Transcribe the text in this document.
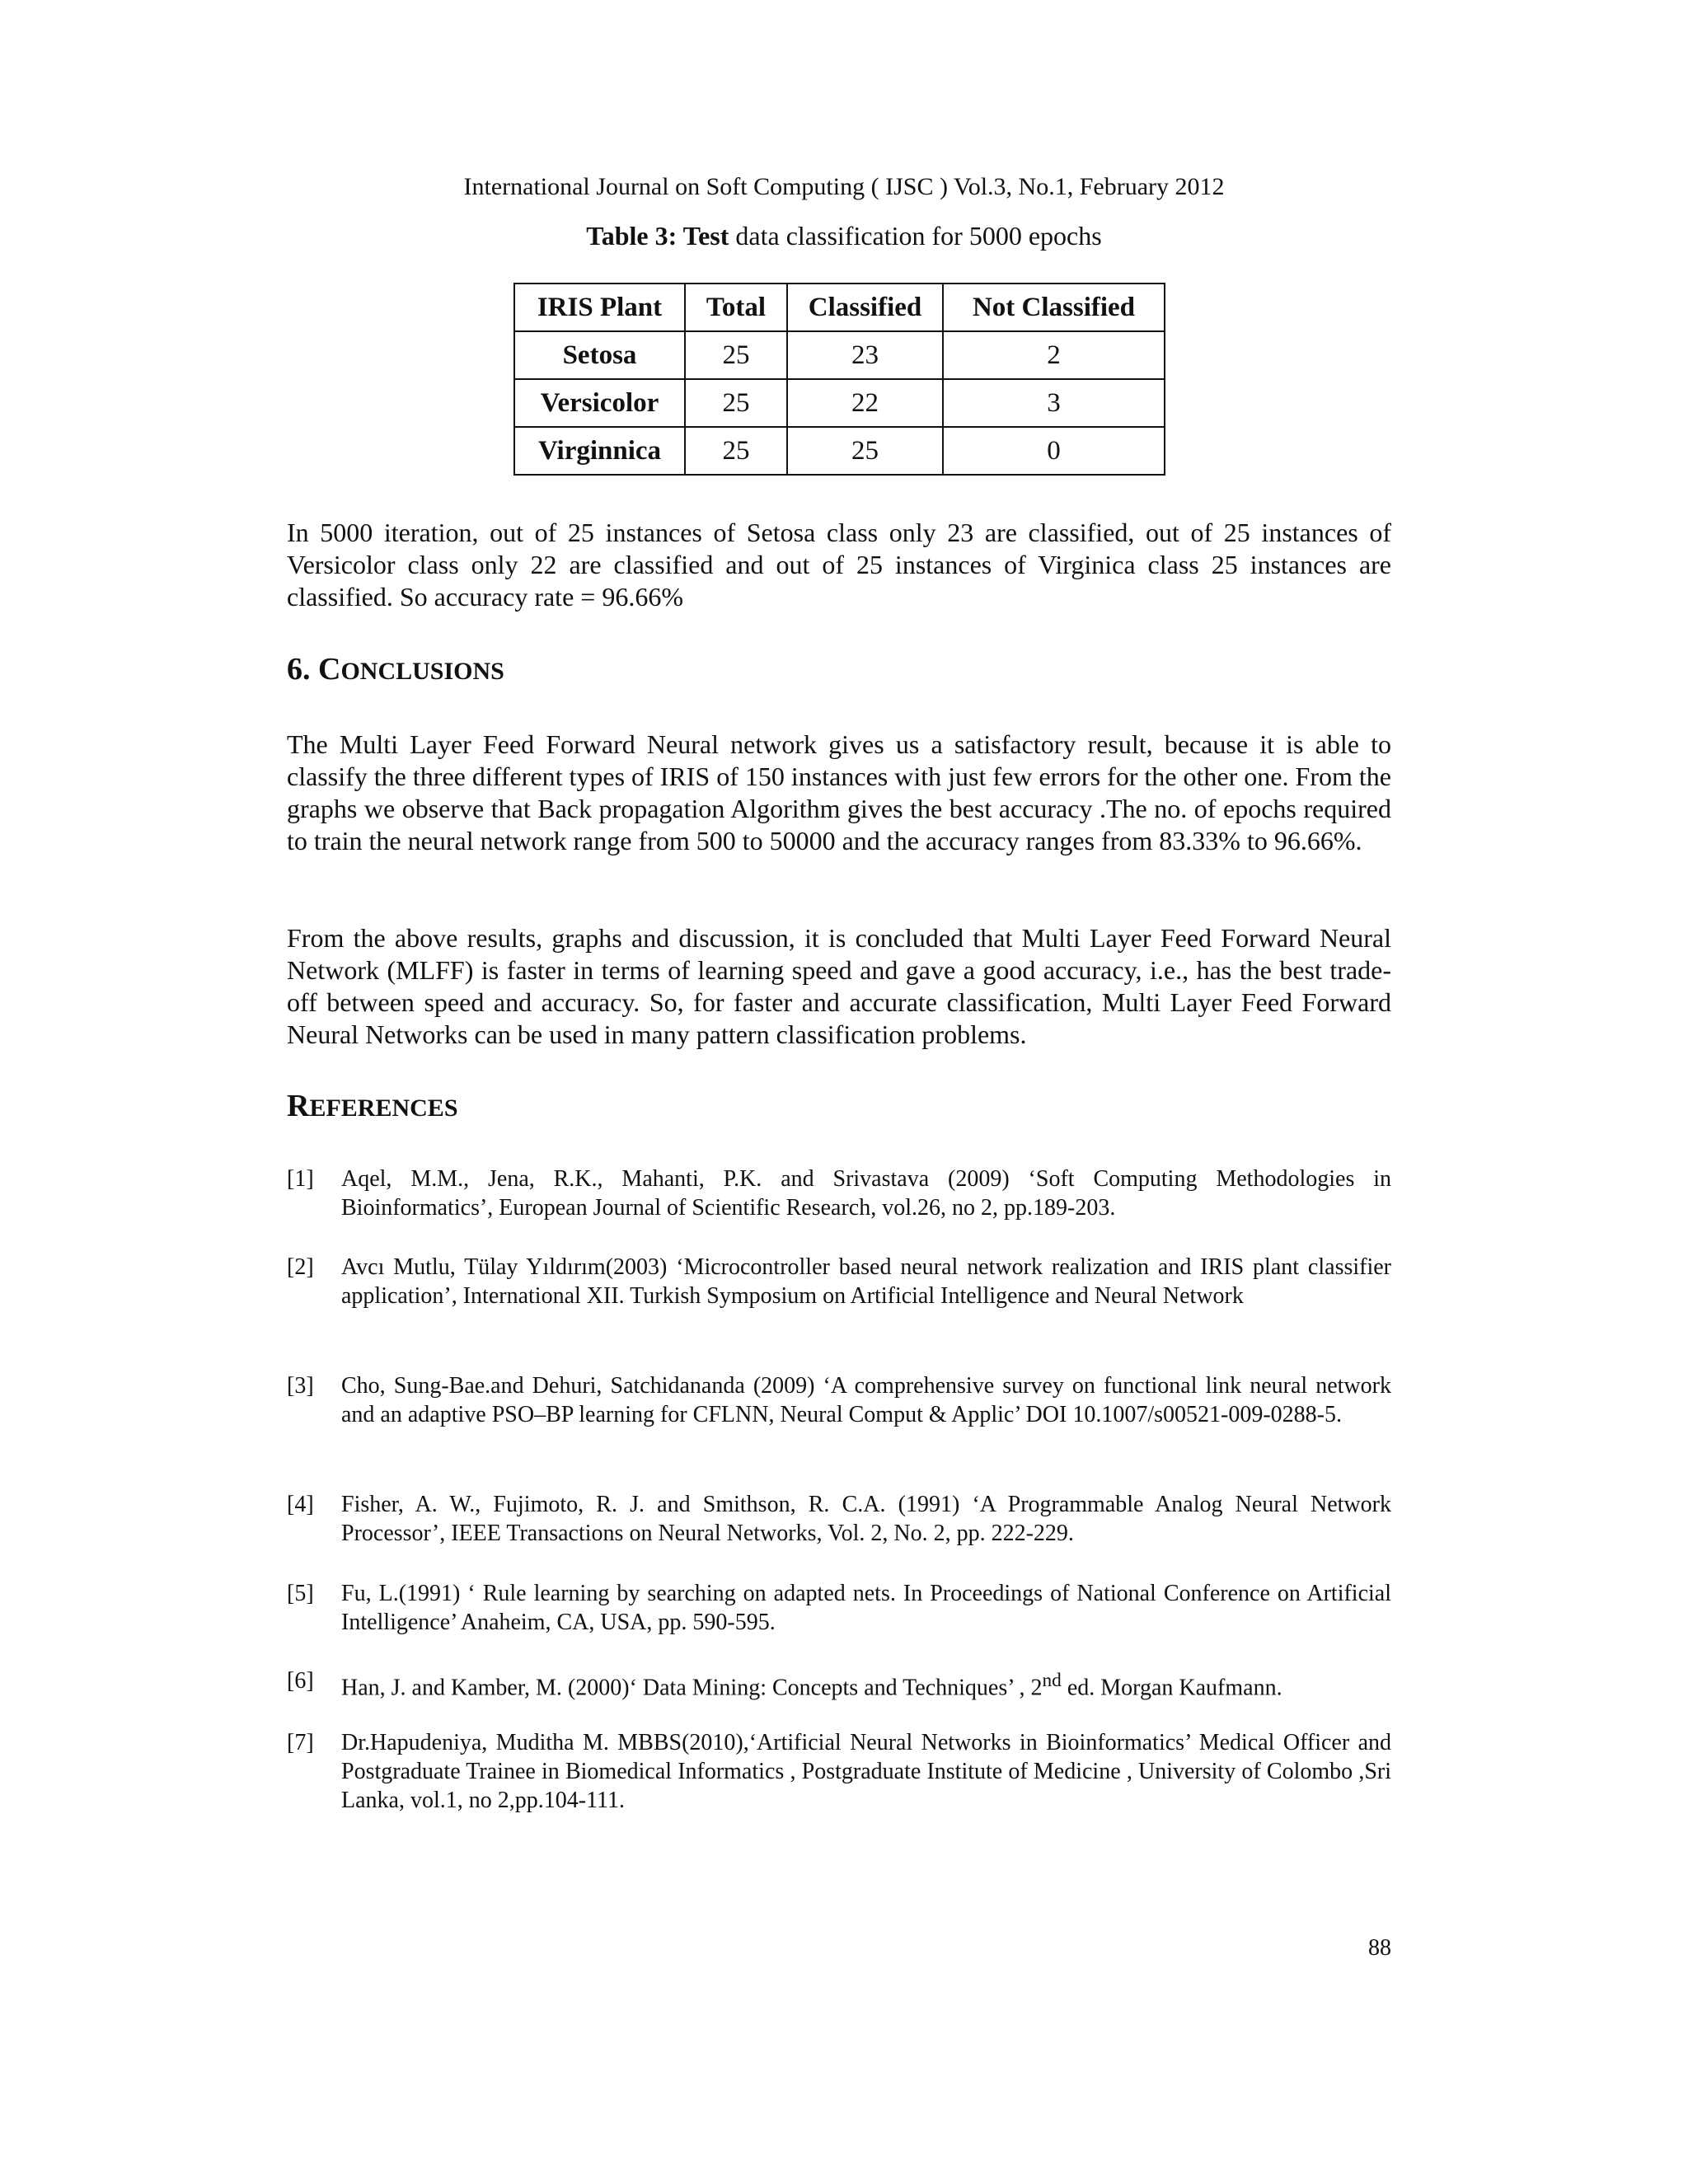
International Journal on Soft Computing ( IJSC ) Vol.3, No.1, February 2012
Table 3: Test data classification for 5000 epochs
IRIS Plant	Total	Classified	Not Classified
Setosa	25	23	2
Versicolor	25	22	3
Virginnica	25	25	0
In 5000 iteration, out of 25 instances of Setosa class only 23 are classified, out of 25 instances of Versicolor class only 22 are classified and out of 25 instances of Virginica class 25 instances are classified. So accuracy rate = 96.66%
6. CONCLUSIONS
The Multi Layer Feed Forward Neural network gives us a satisfactory result, because it is able to classify the three different types of IRIS of 150 instances with just few errors for the other one. From the graphs we observe that Back propagation Algorithm gives the best accuracy .The no. of epochs required to train the neural network range from 500 to 50000 and the accuracy ranges from 83.33% to 96.66%.
From the above results, graphs and discussion, it is concluded that Multi Layer Feed Forward Neural Network (MLFF) is faster in terms of learning speed and gave a good accuracy, i.e., has the best trade-off between speed and accuracy. So, for faster and accurate classification, Multi Layer Feed Forward Neural Networks can be used in many pattern classification problems.
REFERENCES
[1]	Aqel, M.M., Jena, R.K., Mahanti, P.K. and Srivastava (2009) ‘Soft Computing Methodologies in Bioinformatics’, European Journal of Scientific Research, vol.26, no 2, pp.189-203.
[2]	Avcı Mutlu, Tülay Yıldırım(2003) ‘Microcontroller based neural network realization and IRIS plant classifier application’, International XII. Turkish Symposium on Artificial Intelligence and Neural Network
[3]	Cho, Sung-Bae.and Dehuri, Satchidananda (2009) ‘A comprehensive survey on functional link neural network and an adaptive PSO–BP learning for CFLNN, Neural Comput & Applic’ DOI 10.1007/s00521-009-0288-5.
[4]	Fisher, A. W., Fujimoto, R. J. and Smithson, R. C.A. (1991) ‘A Programmable Analog Neural Network Processor’, IEEE Transactions on Neural Networks, Vol. 2, No. 2, pp. 222-229.
[5]	Fu, L.(1991) ‘ Rule learning by searching on adapted nets. In Proceedings of National Conference on Artificial Intelligence’ Anaheim, CA, USA, pp. 590-595.
[6]	Han, J. and Kamber, M. (2000)‘ Data Mining: Concepts and Techniques’ , 2nd ed. Morgan Kaufmann.
[7]	Dr.Hapudeniya, Muditha M. MBBS(2010),‘Artificial Neural Networks in Bioinformatics’ Medical Officer and Postgraduate Trainee in Biomedical Informatics , Postgraduate Institute of Medicine , University of Colombo ,Sri Lanka, vol.1, no 2,pp.104-111.
88
